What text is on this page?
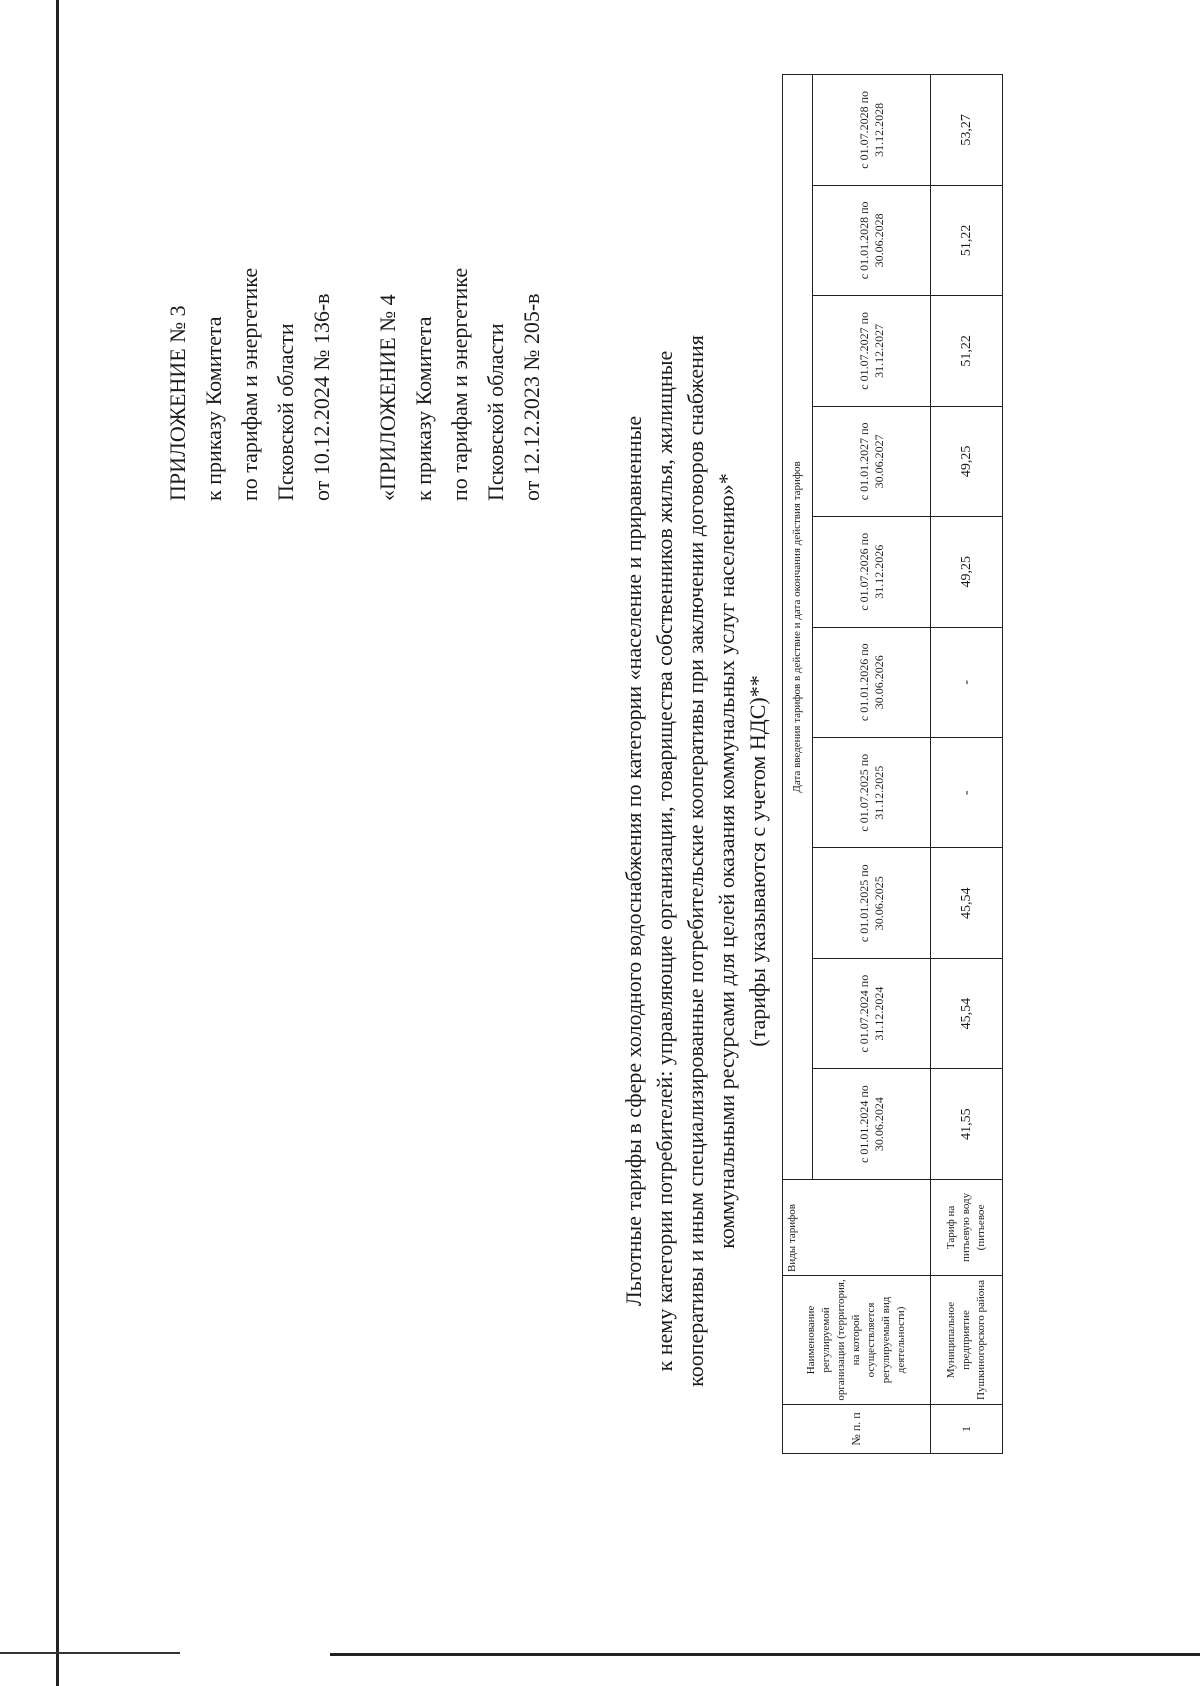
ПРИЛОЖЕНИЕ № 3 к приказу Комитета
по тарифам и энергетике
Псковской области от 10.12.2024 № 136-в «ПРИЛОЖЕНИЕ № 4 к приказу Комитета
по тарифам и энергетике
Псковской области от 12.12.2023 № 205-в
Льготные тарифы в сфере холодного водоснабжения по категории «население и приравненные к нему категории потребителей: управляющие организации, товарищества собственников жилья, жилищные кооперативы и иным специализированные потребительские кооперативы при заключении договоров снабжения коммунальными ресурсами для целей оказания коммунальных услуг населению»* (тарифы указываются с учетом НДС)**
№ п. п	Наименование регулируемой организации (территория, на которой осуществляется регулируемый вид деятельности)	Виды тарифов	Дата введения тарифов в действие и дата окончания действия тарифов									
			с 01.01.2024 по 30.06.2024	с 01.07.2024 по 31.12.2024	с 01.01.2025 по 30.06.2025	с 01.07.2025 по 31.12.2025	с 01.01.2026 по 30.06.2026	с 01.07.2026 по 31.12.2026	с 01.01.2027 по 30.06.2027	с 01.07.2027 по 31.12.2027	с 01.01.2028 по 30.06.2028	с 01.07.2028 по 31.12.2028
1	Муниципальное предприятие Пушкиногорского района	Тариф на питьевую воду (питьевое	41,55	45,54	45,54	-	-	49,25	49,25	51,22	51,22	53,27
